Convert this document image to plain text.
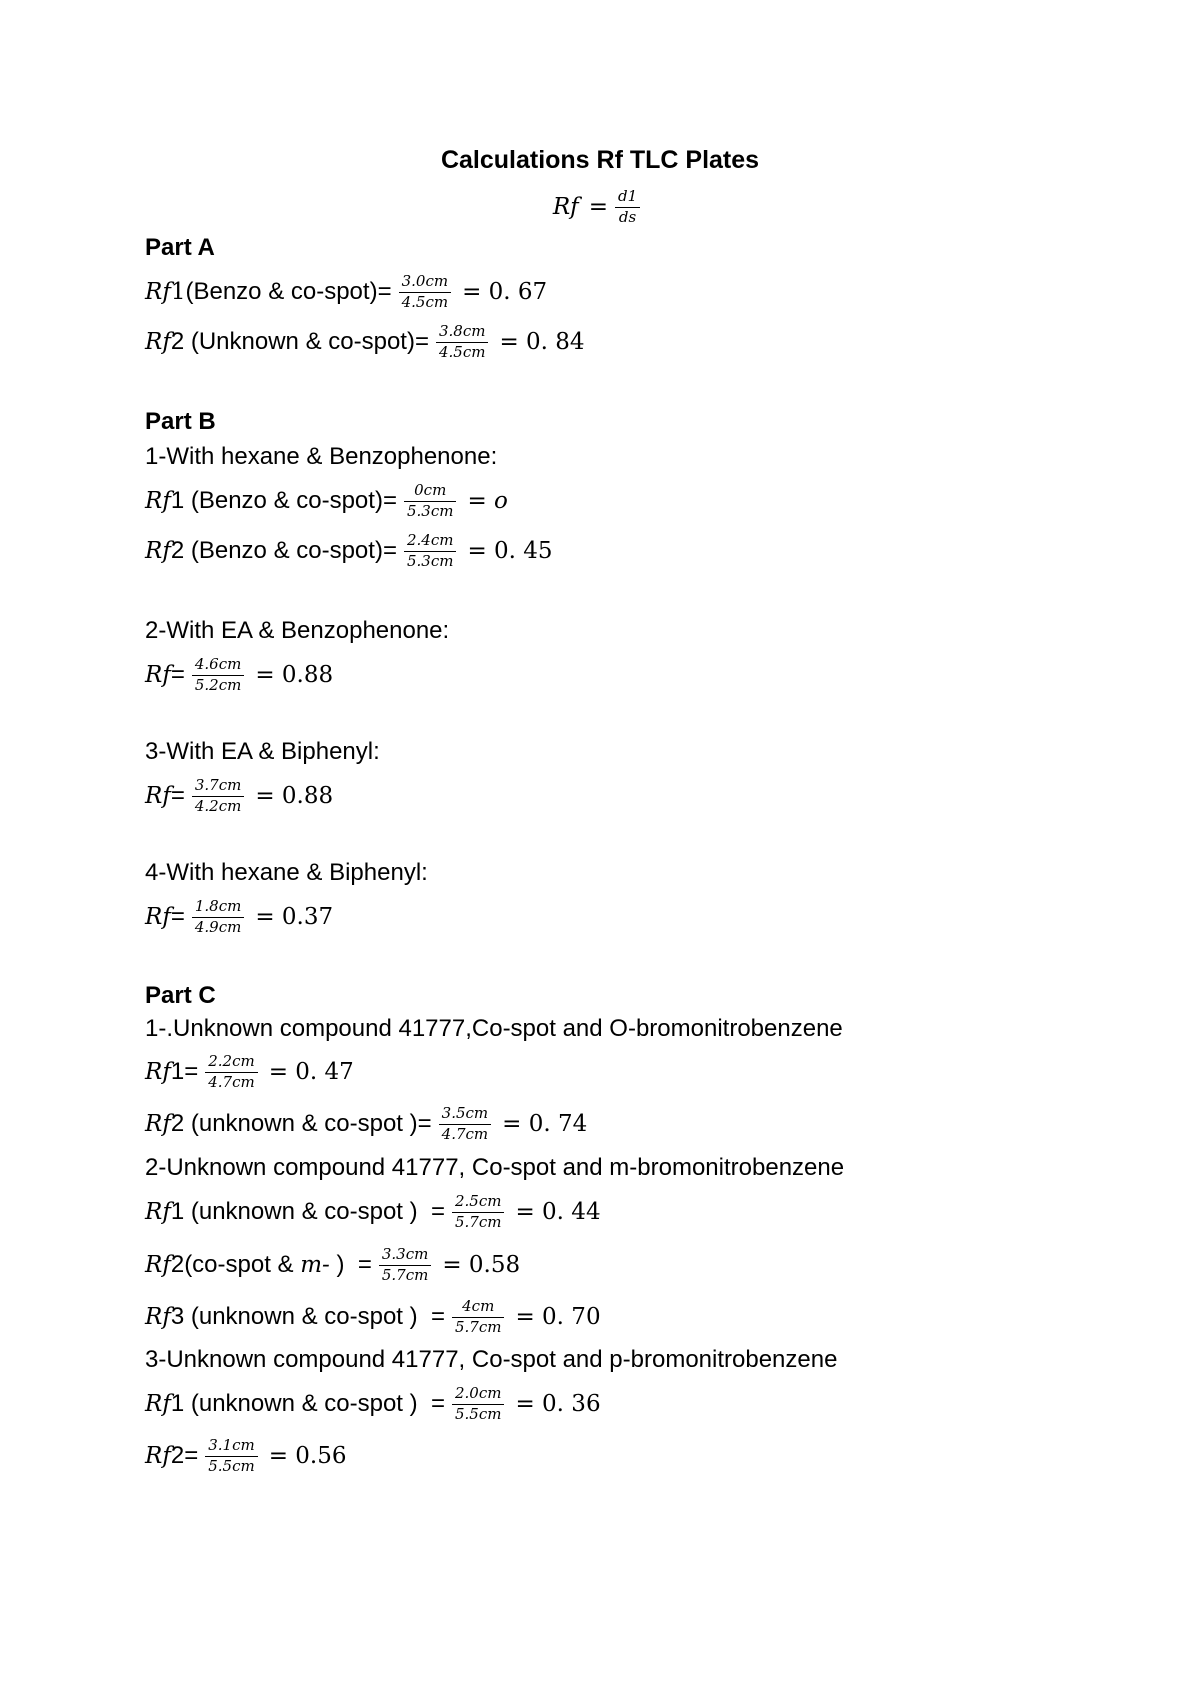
Calculations Rf TLC Plates
$Rf = \frac{d1}{ds}$
Part A
Rf 1 (Benzo & co-spot)= $\frac{3.0cm}{4.5cm} = 0$. 67
Rf 2 (Unknown & co-spot)= $\frac{3.8cm}{4.5cm} = 0$. 84
Part B
1-With hexane & Benzophenone:
Rf 1 (Benzo & co-spot)= $\frac{0cm}{5.3cm} = o$
Rf 2 (Benzo & co-spot)= $\frac{2.4cm}{5.3cm} = 0$. 45
2-With EA & Benzophenone:
$Rf = \frac{4.6cm}{5.2cm} = 0.88$
3-With EA & Biphenyl:
$Rf = \frac{3.7cm}{4.2cm} = 0.88$
4-With hexane & Biphenyl:
$Rf = \frac{1.8cm}{4.9cm} = 0.37$
Part C
1-.Unknown compound 41777,Co-spot and O-bromonitrobenzene
Rf $1= \frac{2.2cm}{4.7cm} = 0$. 47
Rf 2 (unknown & co-spot )= $\frac{3.5cm}{4.7cm} = 0$. 74
2-Unknown compound 41777, Co-spot and m-bromonitrobenzene
Rf 1 (unknown & co-spot )  = $\frac{2.5cm}{5.7cm} = 0$. 44
Rf 2(co-spot & m- )  = $\frac{3.3cm}{5.7cm} = 0.58$
Rf 3 (unknown & co-spot )  = $\frac{4cm}{5.7cm} = 0$. 70
3-Unknown compound 41777, Co-spot and p-bromonitrobenzene
Rf 1 (unknown & co-spot )  = $\frac{2.0cm}{5.5cm} = 0$. 36
Rf $2= \frac{3.1cm}{5.5cm} = 0.56$
